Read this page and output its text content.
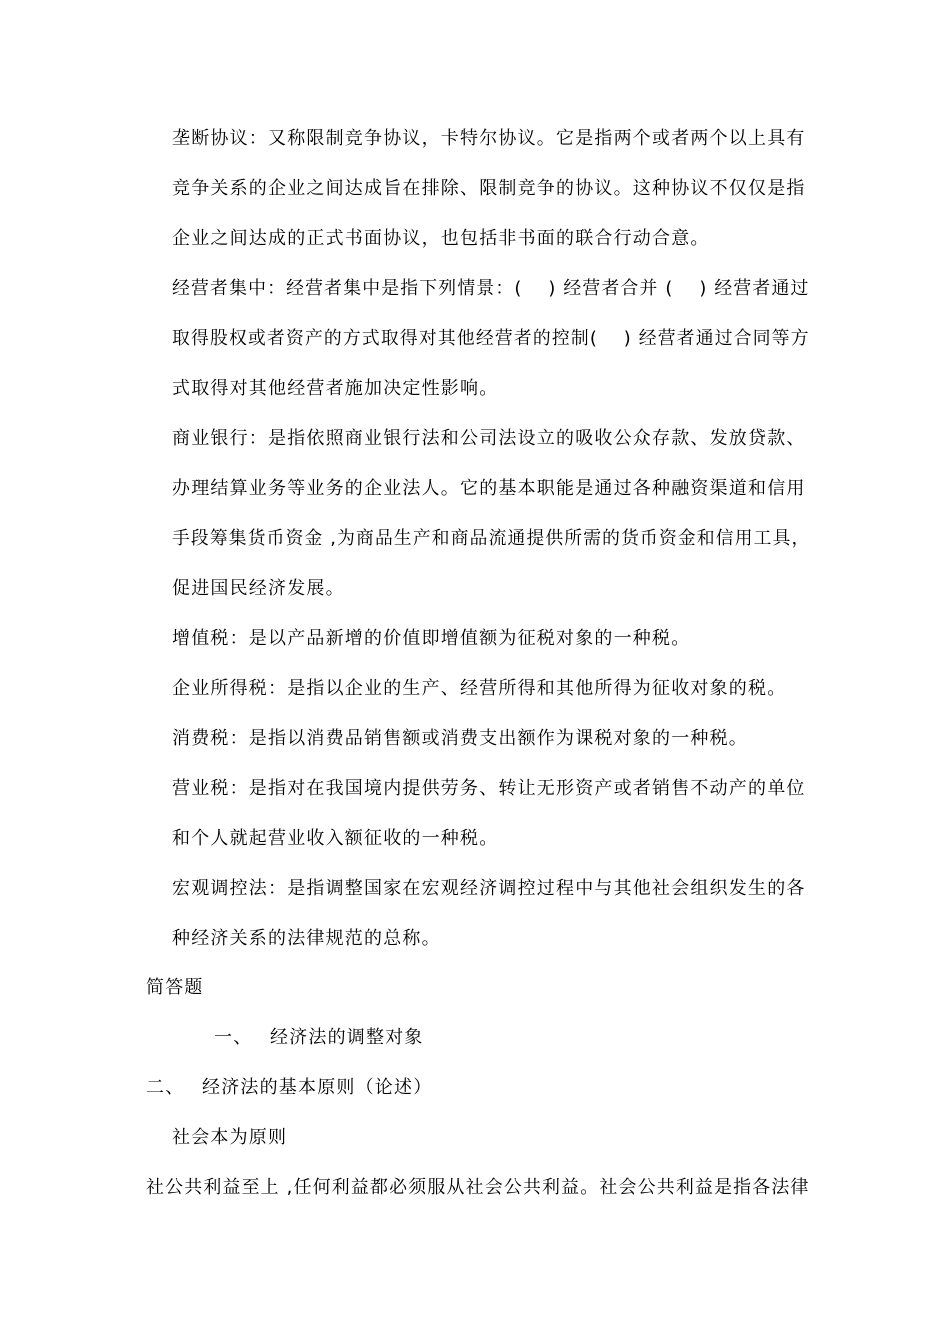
垄断协议：又称限制竞争协议，卡特尔协议。它是指两个或者两个以上具有
竞争关系的企业之间达成旨在排除、限制竞争的协议。这种协议不仅仅是指
企业之间达成的正式书面协议，也包括非书面的联合行动合意。
经营者集中：经营者集中是指下列情景：(　 ) 经营者合并 (　 ) 经营者通过
取得股权或者资产的方式取得对其他经营者的控制(　 ) 经营者通过合同等方
式取得对其他经营者施加决定性影响。
商业银行：是指依照商业银行法和公司法设立的吸收公众存款、发放贷款、
办理结算业务等业务的企业法人。它的基本职能是通过各种融资渠道和信用
手段筹集货币资金 ,为商品生产和商品流通提供所需的货币资金和信用工具，
促进国民经济发展。
增值税：是以产品新增的价值即增值额为征税对象的一种税。
企业所得税：是指以企业的生产、经营所得和其他所得为征收对象的税。
消费税：是指以消费品销售额或消费支出额作为课税对象的一种税。
营业税：是指对在我国境内提供劳务、转让无形资产或者销售不动产的单位
和个人就起营业收入额征收的一种税。
宏观调控法：是指调整国家在宏观经济调控过程中与其他社会组织发生的各
种经济关系的法律规范的总称。
简答题
一、 经济法的调整对象
二、 经济法的基本原则（论述）
社会本为原则
社公共利益至上 ,任何利益都必须服从社会公共利益。社会公共利益是指各法律
